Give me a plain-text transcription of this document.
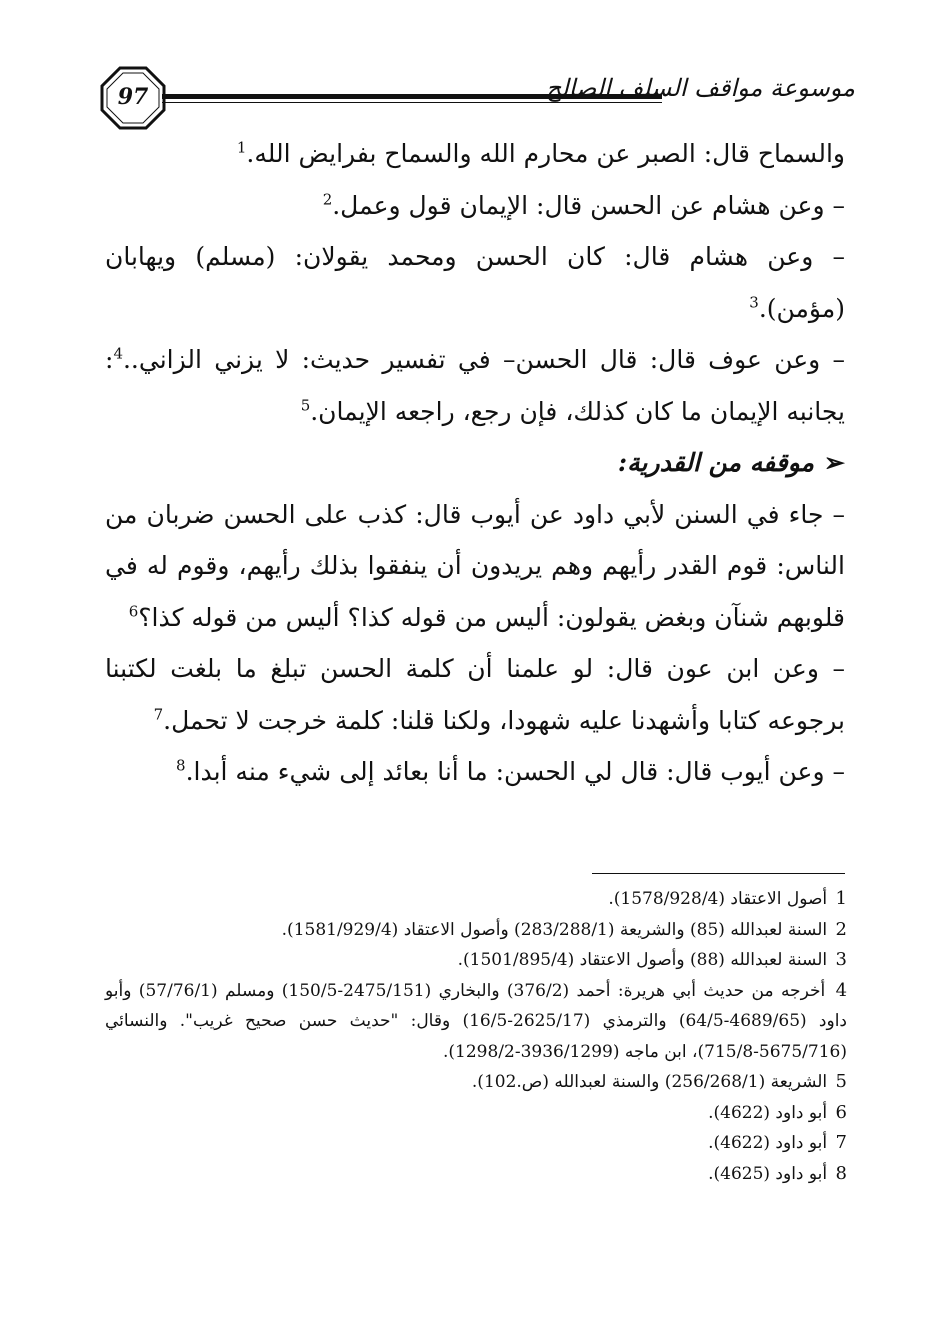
97	موسوعة مواقف السلف الصالح

والسماح قال: الصبر عن محارم الله والسماح بفرايض الله.$^1$

– وعن هشام عن الحسن قال: الإيمان قول وعمل.$^2$

– وعن هشام قال: كان الحسن ومحمد يقولان: (مسلم) ويهابان (مؤمن).$^3$

– وعن عوف قال: قال الحسن– في تفسير حديث: لا يزني الزاني..$^4$: يجانبه الإيمان ما كان كذلك، فإن رجع، راجعه الإيمان.$^5$

➢موقفه من القدرية:

– جاء في السنن لأبي داود عن أيوب قال: كذب على الحسن ضربان من الناس: قوم القدر رأيهم وهم يريدون أن ينفقوا بذلك رأيهم، وقوم له في قلوبهم شنآن وبغض يقولون: أليس من قوله كذا؟ أليس من قوله كذا؟$^6$

– وعن ابن عون قال: لو علمنا أن كلمة الحسن تبلغ ما بلغت لكتبنا برجوعه كتابا وأشهدنا عليه شهودا، ولكنا قلنا: كلمة خرجت لا تحمل.$^7$

– وعن أيوب قال: قال لي الحسن: ما أنا بعائد إلى شيء منه أبدا.$^8$

1 أصول الاعتقاد (1578/928/4).

2 السنة لعبدالله (85) والشريعة (283/288/1) وأصول الاعتقاد (1581/929/4).

3 السنة لعبدالله (88) وأصول الاعتقاد (1501/895/4).

4 أخرجه من حديث أبي هريرة: أحمد (376/2) والبخاري (2475/151-150/5) ومسلم (57/76/1) وأبو داود (4689/65-64/5) والترمذي (2625/17-16/5) وقال: "حديث حسن صحيح غريب". والنسائي (5675/716-715/8)، ابن ماجه (3936/1299-1298/2).

5 الشريعة (256/268/1) والسنة لعبدالله (ص.102).

6 أبو داود (4622).

7 أبو داود (4622).

8 أبو داود (4625).
